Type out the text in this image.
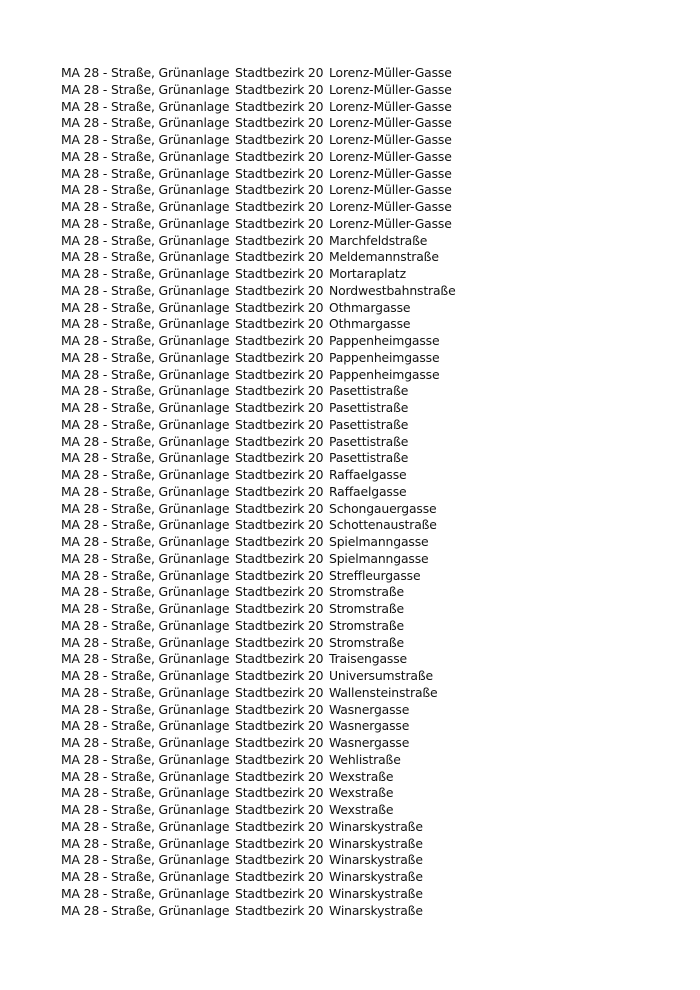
MA 28 - Straße, Grünanlage Stadtbezirk 20 Lorenz-Müller-Gasse
MA 28 - Straße, Grünanlage Stadtbezirk 20 Lorenz-Müller-Gasse
MA 28 - Straße, Grünanlage Stadtbezirk 20 Lorenz-Müller-Gasse
MA 28 - Straße, Grünanlage Stadtbezirk 20 Lorenz-Müller-Gasse
MA 28 - Straße, Grünanlage Stadtbezirk 20 Lorenz-Müller-Gasse
MA 28 - Straße, Grünanlage Stadtbezirk 20 Lorenz-Müller-Gasse
MA 28 - Straße, Grünanlage Stadtbezirk 20 Lorenz-Müller-Gasse
MA 28 - Straße, Grünanlage Stadtbezirk 20 Lorenz-Müller-Gasse
MA 28 - Straße, Grünanlage Stadtbezirk 20 Lorenz-Müller-Gasse
MA 28 - Straße, Grünanlage Stadtbezirk 20 Lorenz-Müller-Gasse
MA 28 - Straße, Grünanlage Stadtbezirk 20 Marchfeldstraße
MA 28 - Straße, Grünanlage Stadtbezirk 20 Meldemannstraße
MA 28 - Straße, Grünanlage Stadtbezirk 20 Mortaraplatz
MA 28 - Straße, Grünanlage Stadtbezirk 20 Nordwestbahnstraße
MA 28 - Straße, Grünanlage Stadtbezirk 20 Othmargasse
MA 28 - Straße, Grünanlage Stadtbezirk 20 Othmargasse
MA 28 - Straße, Grünanlage Stadtbezirk 20 Pappenheimgasse
MA 28 - Straße, Grünanlage Stadtbezirk 20 Pappenheimgasse
MA 28 - Straße, Grünanlage Stadtbezirk 20 Pappenheimgasse
MA 28 - Straße, Grünanlage Stadtbezirk 20 Pasettistraße
MA 28 - Straße, Grünanlage Stadtbezirk 20 Pasettistraße
MA 28 - Straße, Grünanlage Stadtbezirk 20 Pasettistraße
MA 28 - Straße, Grünanlage Stadtbezirk 20 Pasettistraße
MA 28 - Straße, Grünanlage Stadtbezirk 20 Pasettistraße
MA 28 - Straße, Grünanlage Stadtbezirk 20 Raffaelgasse
MA 28 - Straße, Grünanlage Stadtbezirk 20 Raffaelgasse
MA 28 - Straße, Grünanlage Stadtbezirk 20 Schongauergasse
MA 28 - Straße, Grünanlage Stadtbezirk 20 Schottenaustraße
MA 28 - Straße, Grünanlage Stadtbezirk 20 Spielmanngasse
MA 28 - Straße, Grünanlage Stadtbezirk 20 Spielmanngasse
MA 28 - Straße, Grünanlage Stadtbezirk 20 Streffleurgasse
MA 28 - Straße, Grünanlage Stadtbezirk 20 Stromstraße
MA 28 - Straße, Grünanlage Stadtbezirk 20 Stromstraße
MA 28 - Straße, Grünanlage Stadtbezirk 20 Stromstraße
MA 28 - Straße, Grünanlage Stadtbezirk 20 Stromstraße
MA 28 - Straße, Grünanlage Stadtbezirk 20 Traisengasse
MA 28 - Straße, Grünanlage Stadtbezirk 20 Universumstraße
MA 28 - Straße, Grünanlage Stadtbezirk 20 Wallensteinstraße
MA 28 - Straße, Grünanlage Stadtbezirk 20 Wasnergasse
MA 28 - Straße, Grünanlage Stadtbezirk 20 Wasnergasse
MA 28 - Straße, Grünanlage Stadtbezirk 20 Wasnergasse
MA 28 - Straße, Grünanlage Stadtbezirk 20 Wehlistraße
MA 28 - Straße, Grünanlage Stadtbezirk 20 Wexstraße
MA 28 - Straße, Grünanlage Stadtbezirk 20 Wexstraße
MA 28 - Straße, Grünanlage Stadtbezirk 20 Wexstraße
MA 28 - Straße, Grünanlage Stadtbezirk 20 Winarskystraße
MA 28 - Straße, Grünanlage Stadtbezirk 20 Winarskystraße
MA 28 - Straße, Grünanlage Stadtbezirk 20 Winarskystraße
MA 28 - Straße, Grünanlage Stadtbezirk 20 Winarskystraße
MA 28 - Straße, Grünanlage Stadtbezirk 20 Winarskystraße
MA 28 - Straße, Grünanlage Stadtbezirk 20 Winarskystraße
